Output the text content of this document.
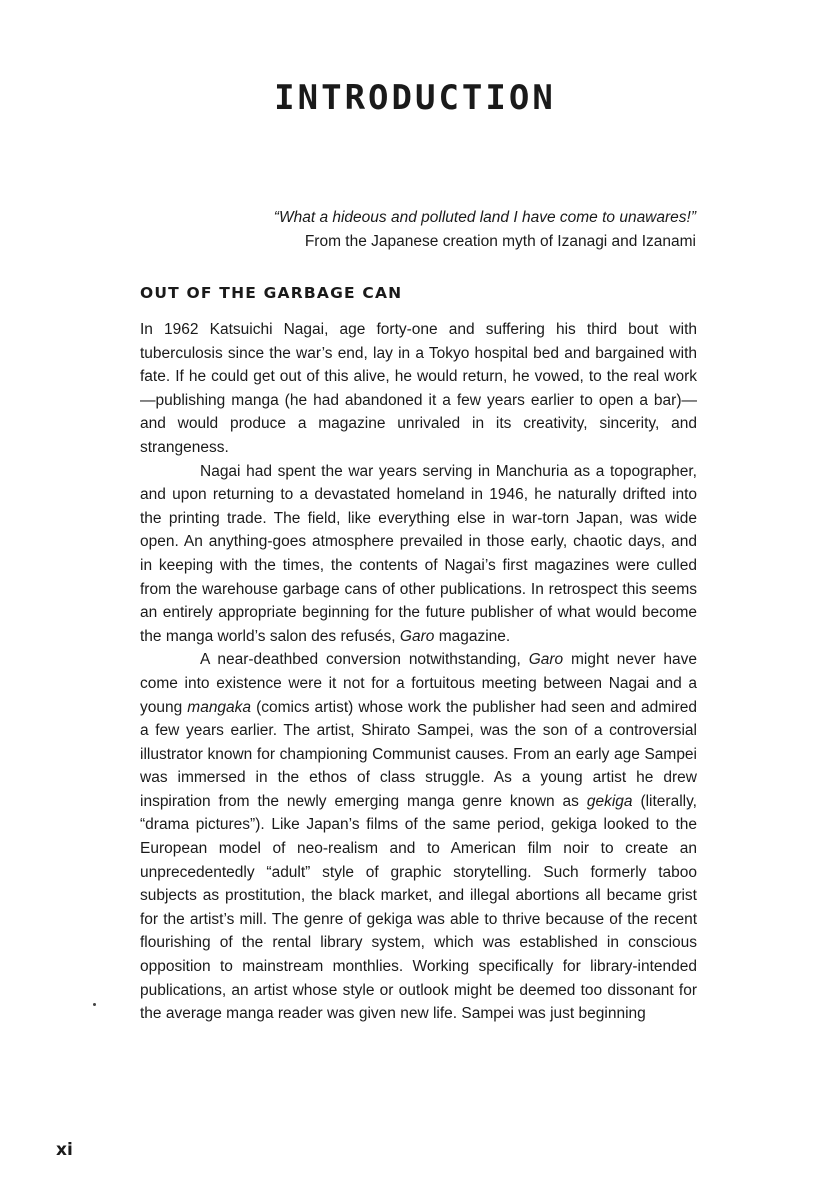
INTRODUCTION
“What a hideous and polluted land I have come to unawares!”
From the Japanese creation myth of Izanagi and Izanami
OUT OF THE GARBAGE CAN

In 1962 Katsuichi Nagai, age forty-one and suffering his third bout with tuberculosis since the war’s end, lay in a Tokyo hospital bed and bargained with fate. If he could get out of this alive, he would return, he vowed, to the real work—publishing manga (he had abandoned it a few years earlier to open a bar)—and would produce a magazine unrivaled in its creativity, sincerity, and strangeness.

Nagai had spent the war years serving in Manchuria as a topographer, and upon returning to a devastated homeland in 1946, he naturally drifted into the printing trade. The field, like everything else in war-torn Japan, was wide open. An anything-goes atmosphere prevailed in those early, chaotic days, and in keeping with the times, the contents of Nagai’s first magazines were culled from the warehouse garbage cans of other publications. In retrospect this seems an entirely appropriate beginning for the future publisher of what would become the manga world’s salon des refusés, Garo magazine.

A near-deathbed conversion notwithstanding, Garo might never have come into existence were it not for a fortuitous meeting between Nagai and a young mangaka (comics artist) whose work the publisher had seen and admired a few years earlier. The artist, Shirato Sampei, was the son of a controversial illustrator known for championing Communist causes. From an early age Sampei was immersed in the ethos of class struggle. As a young artist he drew inspiration from the newly emerging manga genre known as gekiga (literally, “drama pictures”). Like Japan’s films of the same period, gekiga looked to the European model of neo-realism and to American film noir to create an unprecedentedly “adult” style of graphic storytelling. Such formerly taboo subjects as prostitution, the black market, and illegal abortions all became grist for the artist’s mill. The genre of gekiga was able to thrive because of the recent flourishing of the rental library system, which was established in conscious opposition to mainstream monthlies. Working specifically for library-intended publications, an artist whose style or outlook might be deemed too dissonant for the average manga reader was given new life. Sampei was just beginning

xi
